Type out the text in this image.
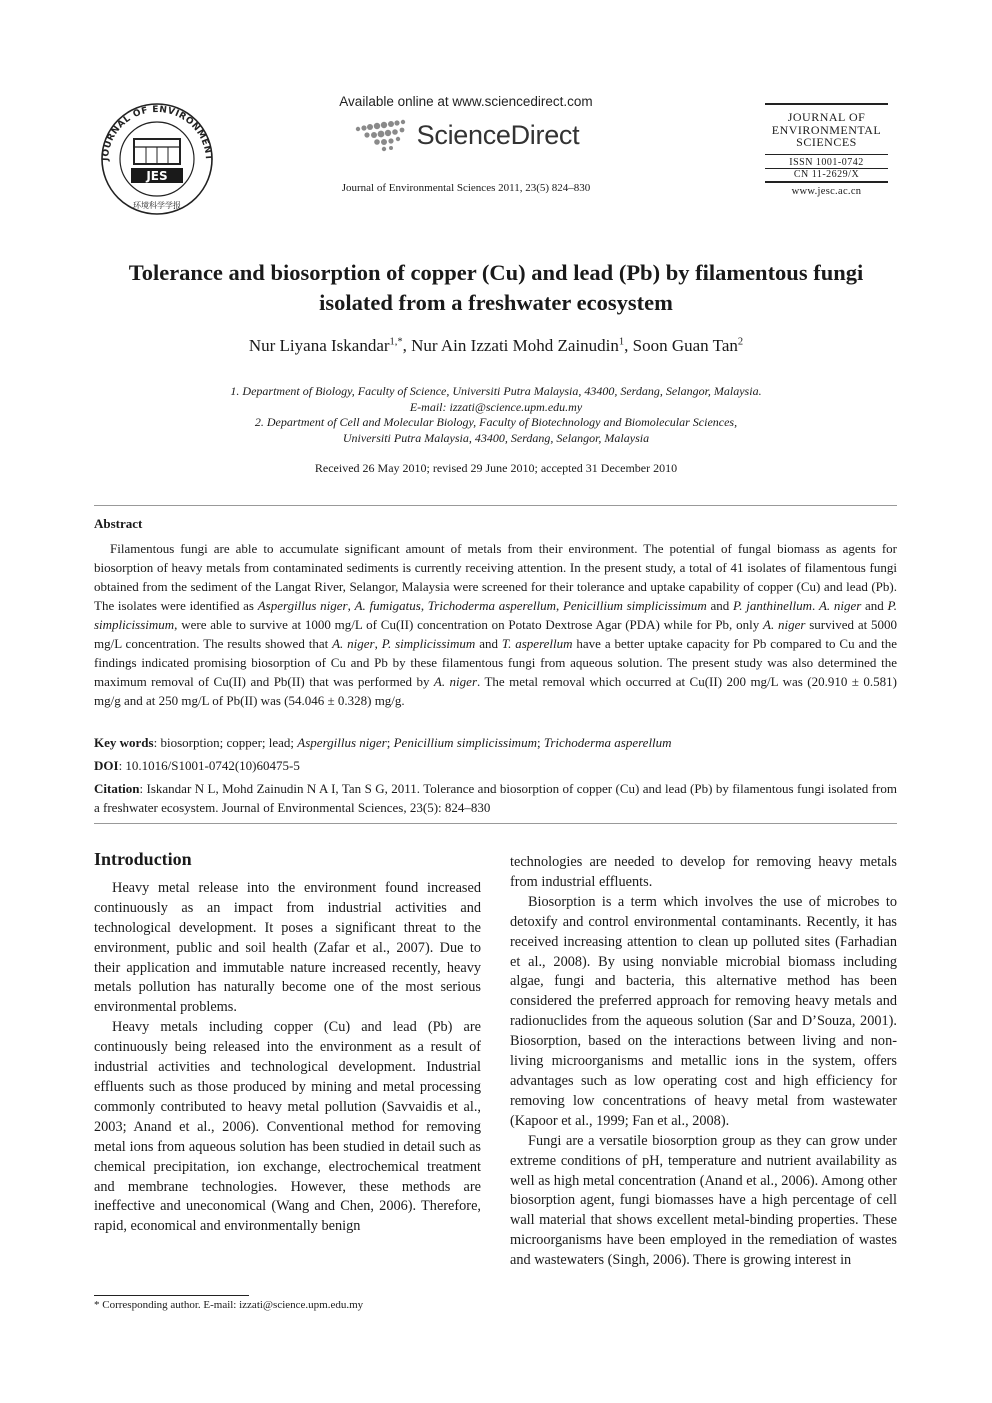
JOURNAL OF ENVIRONMENT
JES
环境科学学报
Available online at www.sciencedirect.com
ScienceDirect
Journal of Environmental Sciences 2011, 23(5) 824–830
JOURNAL OF
ENVIRONMENTAL
SCIENCES
ISSN 1001-0742
CN 11-2629/X
www.jesc.ac.cn
Tolerance and biosorption of copper (Cu) and lead (Pb) by filamentous fungi
isolated from a freshwater ecosystem
Nur Liyana Iskandar$^{1,*}$, Nur Ain Izzati Mohd Zainudin$^1$, Soon Guan Tan$^2$
1. Department of Biology, Faculty of Science, Universiti Putra Malaysia, 43400, Serdang, Selangor, Malaysia.
E-mail: izzati@science.upm.edu.my
2. Department of Cell and Molecular Biology, Faculty of Biotechnology and Biomolecular Sciences,
Universiti Putra Malaysia, 43400, Serdang, Selangor, Malaysia
Received 26 May 2010; revised 29 June 2010; accepted 31 December 2010
Abstract

Filamentous fungi are able to accumulate significant amount of metals from their environment. The potential of fungal biomass as agents for biosorption of heavy metals from contaminated sediments is currently receiving attention. In the present study, a total of 41 isolates of filamentous fungi obtained from the sediment of the Langat River, Selangor, Malaysia were screened for their tolerance and uptake capability of copper (Cu) and lead (Pb). The isolates were identified as Aspergillus niger, A. fumigatus, Trichoderma asperellum, Penicillium simplicissimum and P. janthinellum. A. niger and P. simplicissimum, were able to survive at 1000 mg/L of Cu(II) concentration on Potato Dextrose Agar (PDA) while for Pb, only A. niger survived at 5000 mg/L concentration. The results showed that A. niger, P. simplicissimum and T. asperellum have a better uptake capacity for Pb compared to Cu and the findings indicated promising biosorption of Cu and Pb by these filamentous fungi from aqueous solution. The present study was also determined the maximum removal of Cu(II) and Pb(II) that was performed by A. niger. The metal removal which occurred at Cu(II) 200 mg/L was (20.910 ± 0.581) mg/g and at 250 mg/L of Pb(II) was (54.046 ± 0.328) mg/g.

Key words: biosorption; copper; lead; Aspergillus niger; Penicillium simplicissimum; Trichoderma asperellum

DOI: 10.1016/S1001-0742(10)60475-5

Citation: Iskandar N L, Mohd Zainudin N A I, Tan S G, 2011. Tolerance and biosorption of copper (Cu) and lead (Pb) by filamentous fungi isolated from a freshwater ecosystem. Journal of Environmental Sciences, 23(5): 824–830

Introduction

Heavy metal release into the environment found increased continuously as an impact from industrial activities and technological development. It poses a significant threat to the environment, public and soil health (Zafar et al., 2007). Due to their application and immutable nature increased recently, heavy metals pollution has naturally become one of the most serious environmental problems.

Heavy metals including copper (Cu) and lead (Pb) are continuously being released into the environment as a result of industrial activities and technological development. Industrial effluents such as those produced by mining and metal processing commonly contributed to heavy metal pollution (Savvaidis et al., 2003; Anand et al., 2006). Conventional method for removing metal ions from aqueous solution has been studied in detail such as chemical precipitation, ion exchange, electrochemical treatment and membrane technologies. However, these methods are ineffective and uneconomical (Wang and Chen, 2006). Therefore, rapid, economical and environmentally benign

technologies are needed to develop for removing heavy metals from industrial effluents.

Biosorption is a term which involves the use of microbes to detoxify and control environmental contaminants. Recently, it has received increasing attention to clean up polluted sites (Farhadian et al., 2008). By using nonviable microbial biomass including algae, fungi and bacteria, this alternative method has been considered the preferred approach for removing heavy metals and radionuclides from the aqueous solution (Sar and D’Souza, 2001). Biosorption, based on the interactions between living and non-living microorganisms and metallic ions in the system, offers advantages such as low operating cost and high efficiency for removing low concentrations of heavy metal from wastewater (Kapoor et al., 1999; Fan et al., 2008).

Fungi are a versatile biosorption group as they can grow under extreme conditions of pH, temperature and nutrient availability as well as high metal concentration (Anand et al., 2006). Among other biosorption agent, fungi biomasses have a high percentage of cell wall material that shows excellent metal-binding properties. These microorganisms have been employed in the remediation of wastes and wastewaters (Singh, 2006). There is growing interest in

* Corresponding author. E-mail: izzati@science.upm.edu.my
